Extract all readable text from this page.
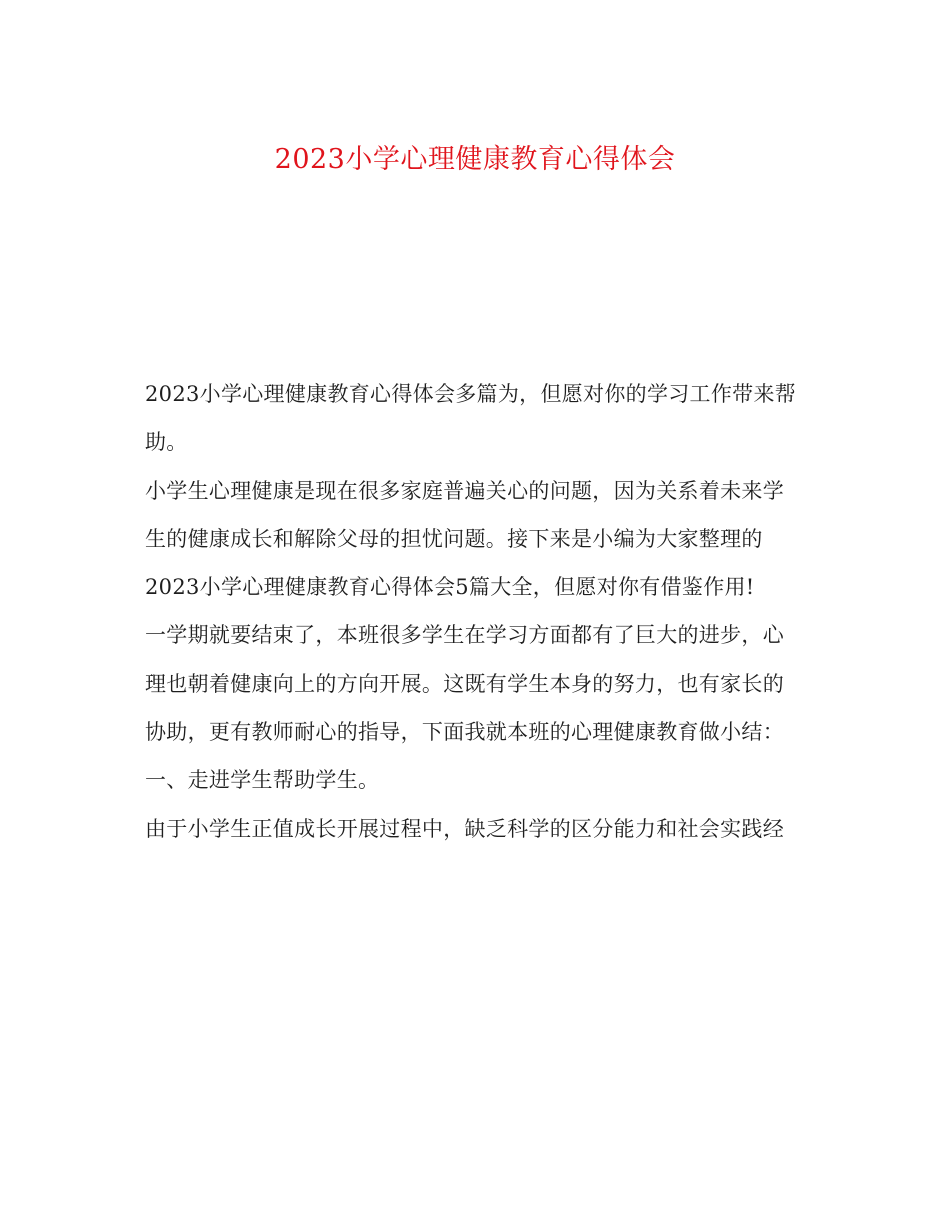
2023小学心理健康教育心得体会
2023小学心理健康教育心得体会多篇为，但愿对你的学习工作带来帮
助。
小学生心理健康是现在很多家庭普遍关心的问题，因为关系着未来学
生的健康成长和解除父母的担忧问题。接下来是小编为大家整理的
2023小学心理健康教育心得体会5篇大全，但愿对你有借鉴作用!
一学期就要结束了，本班很多学生在学习方面都有了巨大的进步，心
理也朝着健康向上的方向开展。这既有学生本身的努力，也有家长的
协助，更有教师耐心的指导，下面我就本班的心理健康教育做小结：
一、走进学生帮助学生。
由于小学生正值成长开展过程中，缺乏科学的区分能力和社会实践经
